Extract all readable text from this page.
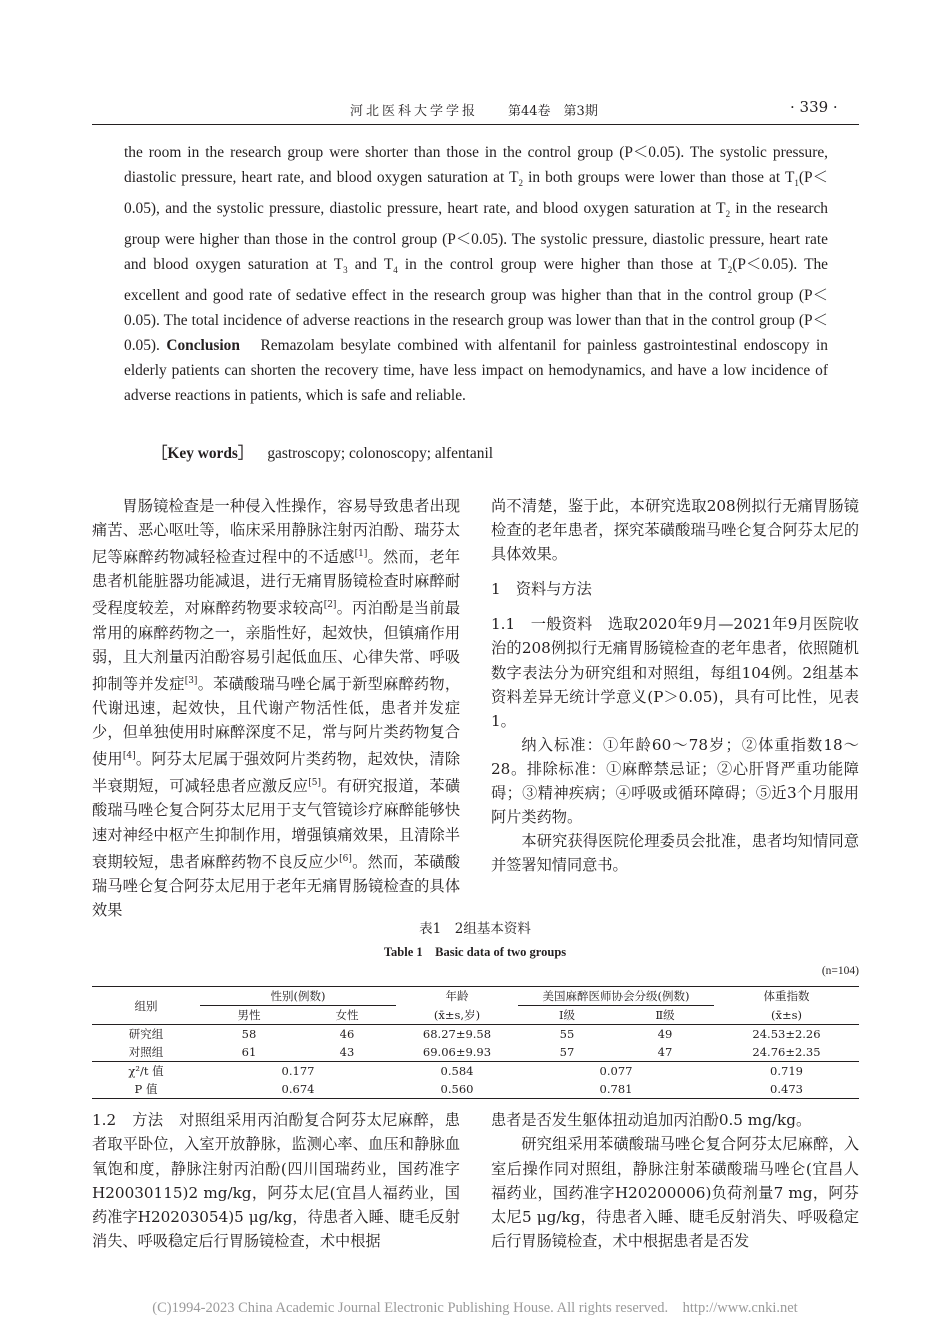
河北医科大学学报 第44卷　第3期	· 339 ·
the room in the research group were shorter than those in the control group (P＜0.05). The systolic pressure, diastolic pressure, heart rate, and blood oxygen saturation at $T_2$ in both groups were lower than those at $T_1(P<0.05)$, and the systolic pressure, diastolic pressure, heart rate, and blood oxygen saturation at $T_2$ in the research group were higher than those in the control group (P＜0.05). The systolic pressure, diastolic pressure, heart rate and blood oxygen saturation at $T_3$ and $T_4$ in the control group were higher than those at $T_2(P<0.05)$. The excellent and good rate of sedative effect in the research group was higher than that in the control group (P＜0.05). The total incidence of adverse reactions in the research group was lower than that in the control group (P＜0.05). Conclusion　Remazolam besylate combined with alfentanil for painless gastrointestinal endoscopy in elderly patients can shorten the recovery time, have less impact on hemodynamics, and have a low incidence of adverse reactions in patients, which is safe and reliable.
［Key words］ gastroscopy; colonoscopy; alfentanil

胃肠镜检查是一种侵入性操作，容易导致患者出现痛苦、恶心呕吐等，临床采用静脉注射丙泊酚、瑞芬太尼等麻醉药物减轻检查过程中的不适感[1]。然而，老年患者机能脏器功能减退，进行无痛胃肠镜检查时麻醉耐受程度较差，对麻醉药物要求较高[2]。丙泊酚是当前最常用的麻醉药物之一，亲脂性好，起效快，但镇痛作用弱，且大剂量丙泊酚容易引起低血压、心律失常、呼吸抑制等并发症[3]。苯磺酸瑞马唑仑属于新型麻醉药物，代谢迅速，起效快，且代谢产物活性低，患者并发症少，但单独使用时麻醉深度不足，常与阿片类药物复合使用[4]。阿芬太尼属于强效阿片类药物，起效快，清除半衰期短，可减轻患者应激反应[5]。有研究报道，苯磺酸瑞马唑仑复合阿芬太尼用于支气管镜诊疗麻醉能够快速对神经中枢产生抑制作用，增强镇痛效果，且清除半衰期较短，患者麻醉药物不良反应少[6]。然而，苯磺酸瑞马唑仑复合阿芬太尼用于老年无痛胃肠镜检查的具体效果

尚不清楚，鉴于此，本研究选取208例拟行无痛胃肠镜检查的老年患者，探究苯磺酸瑞马唑仑复合阿芬太尼的具体效果。

1　资料与方法

1.1　一般资料　选取2020年9月—2021年9月医院收治的208例拟行无痛胃肠镜检查的老年患者，依照随机数字表法分为研究组和对照组，每组104例。2组基本资料差异无统计学意义(P＞0.05)，具有可比性，见表1。

纳入标准：①年龄60～78岁；②体重指数18～28。排除标准：①麻醉禁忌证；②心肝肾严重功能障碍；③精神疾病；④呼吸或循环障碍；⑤近3个月服用阿片类药物。

本研究获得医院伦理委员会批准，患者均知情同意并签署知情同意书。

表1　2组基本资料
Table 1　Basic data of two groups
(n=104)
组别	性别(例数)		年龄	美国麻醉医师协会分级(例数)		体重指数
	男性	女性	(x̄±s,岁)	Ⅰ级	Ⅱ级	(x̄±s)
研究组	58	46	68.27±9.58	55	49	24.53±2.26
对照组	61	43	69.06±9.93	57	47	24.76±2.35
χ²/t 值	0.177		0.584	0.077		0.719
P 值	0.674		0.560	0.781		0.473

1.2　方法　对照组采用丙泊酚复合阿芬太尼麻醉，患者取平卧位，入室开放静脉，监测心率、血压和静脉血氧饱和度，静脉注射丙泊酚(四川国瑞药业，国药准字H20030115)2 mg/kg，阿芬太尼(宜昌人福药业，国药准字H20203054)5 μg/kg，待患者入睡、睫毛反射消失、呼吸稳定后行胃肠镜检查，术中根据

患者是否发生躯体扭动追加丙泊酚0.5 mg/kg。

研究组采用苯磺酸瑞马唑仑复合阿芬太尼麻醉，入室后操作同对照组，静脉注射苯磺酸瑞马唑仑(宜昌人福药业，国药准字H20200006)负荷剂量7 mg，阿芬太尼5 μg/kg，待患者入睡、睫毛反射消失、呼吸稳定后行胃肠镜检查，术中根据患者是否发

(C)1994-2023 China Academic Journal Electronic Publishing House. All rights reserved.　http://www.cnki.net
